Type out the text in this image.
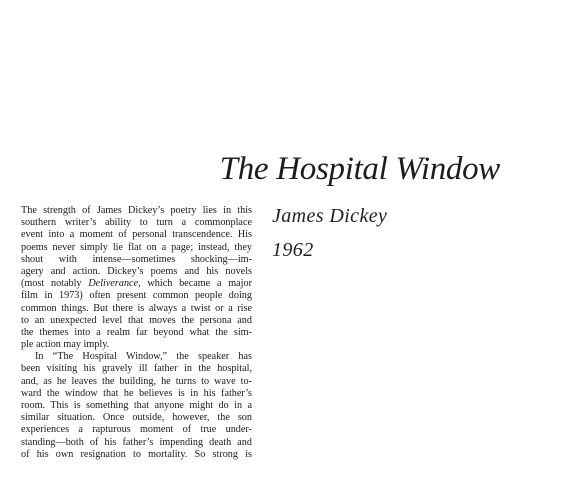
The Hospital Window
James Dickey
1962
The strength of James Dickey’s poetry lies in this
southern writer’s ability to turn a commonplace
event into a moment of personal transcendence. His
poems never simply lie flat on a page; instead, they
shout with intense—sometimes shocking—im-
agery and action. Dickey’s poems and his novels
(most notably Deliverance, which became a major
film in 1973) often present common people doing
common things. But there is always a twist or a rise
to an unexpected level that moves the persona and
the themes into a realm far beyond what the sim-
ple action may imply.
In “The Hospital Window,” the speaker has
been visiting his gravely ill father in the hospital,
and, as he leaves the building, he turns to wave to-
ward the window that he believes is in his father’s
room. This is something that anyone might do in a
similar situation. Once outside, however, the son
experiences a rapturous moment of true under-
standing—both of his father’s impending death and
of his own resignation to mortality. So strong is
